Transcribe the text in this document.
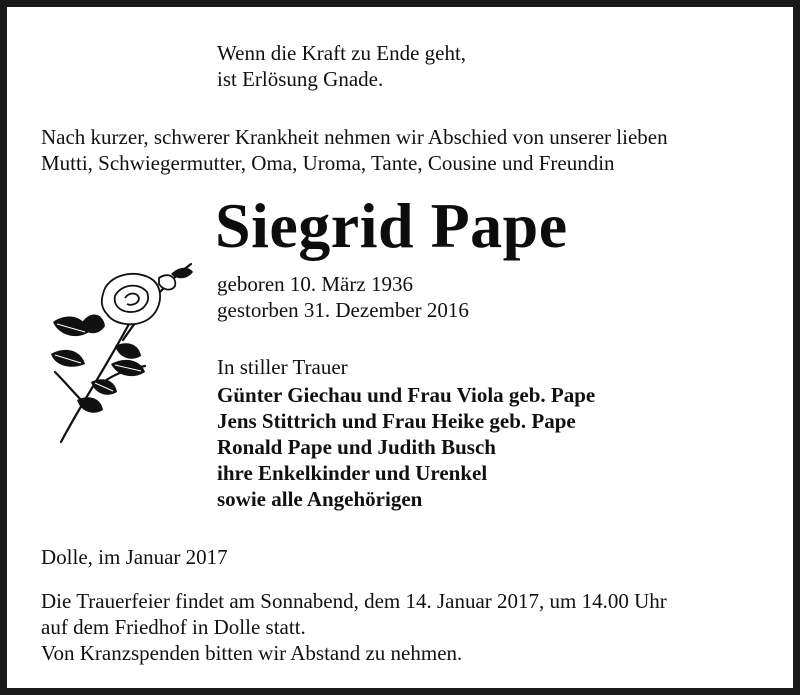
Wenn die Kraft zu Ende geht,
ist Erlösung Gnade.
Nach kurzer, schwerer Krankheit nehmen wir Abschied von unserer lieben
Mutti, Schwiegermutter, Oma, Uroma, Tante, Cousine und Freundin
Siegrid Pape
geboren 10. März 1936
gestorben 31. Dezember 2016
In stiller Trauer
Günter Giechau und Frau Viola geb. Pape
Jens Stittrich und Frau Heike geb. Pape
Ronald Pape und Judith Busch
ihre Enkelkinder und Urenkel
sowie alle Angehörigen
Dolle, im Januar 2017
Die Trauerfeier findet am Sonnabend, dem 14. Januar 2017, um 14.00 Uhr
auf dem Friedhof in Dolle statt.
Von Kranzspenden bitten wir Abstand zu nehmen.
